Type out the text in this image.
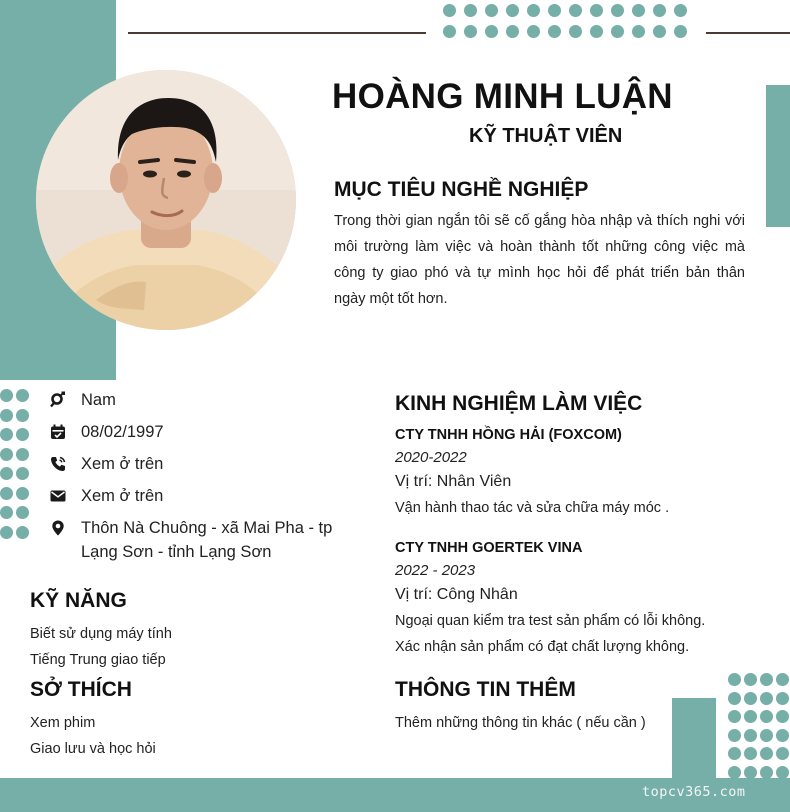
HOÀNG MINH LUẬN
KỸ THUẬT VIÊN
MỤC TIÊU NGHỀ NGHIỆP
Trong thời gian ngắn tôi sẽ cố gắng hòa nhập và thích nghi với môi trường làm việc và hoàn thành tốt những công việc mà công ty giao phó và tự mình học hỏi để phát triển bản thân ngày một tốt hơn.
Nam
08/02/1997
Xem ở trên
Xem ở trên
Thôn Nà Chuông - xã Mai Pha - tp Lạng Sơn - tỉnh Lạng Sơn
KỸ NĂNG
Biết sử dụng máy tính
Tiếng Trung giao tiếp
SỞ THÍCH
Xem phim
Giao lưu và học hỏi
KINH NGHIỆM LÀM VIỆC
CTY TNHH HỒNG HẢI (FOXCOM)
2020-2022
Vị trí: Nhân Viên
Vận hành thao tác và sửa chữa máy móc .
CTY TNHH GOERTEK VINA
2022 - 2023
Vị trí: Công Nhân
Ngoại quan kiểm tra test sản phẩm có lỗi không.
Xác nhận sản phẩm có đạt chất lượng không.
THÔNG TIN THÊM
Thêm những thông tin khác ( nếu cần )
topcv365.com
